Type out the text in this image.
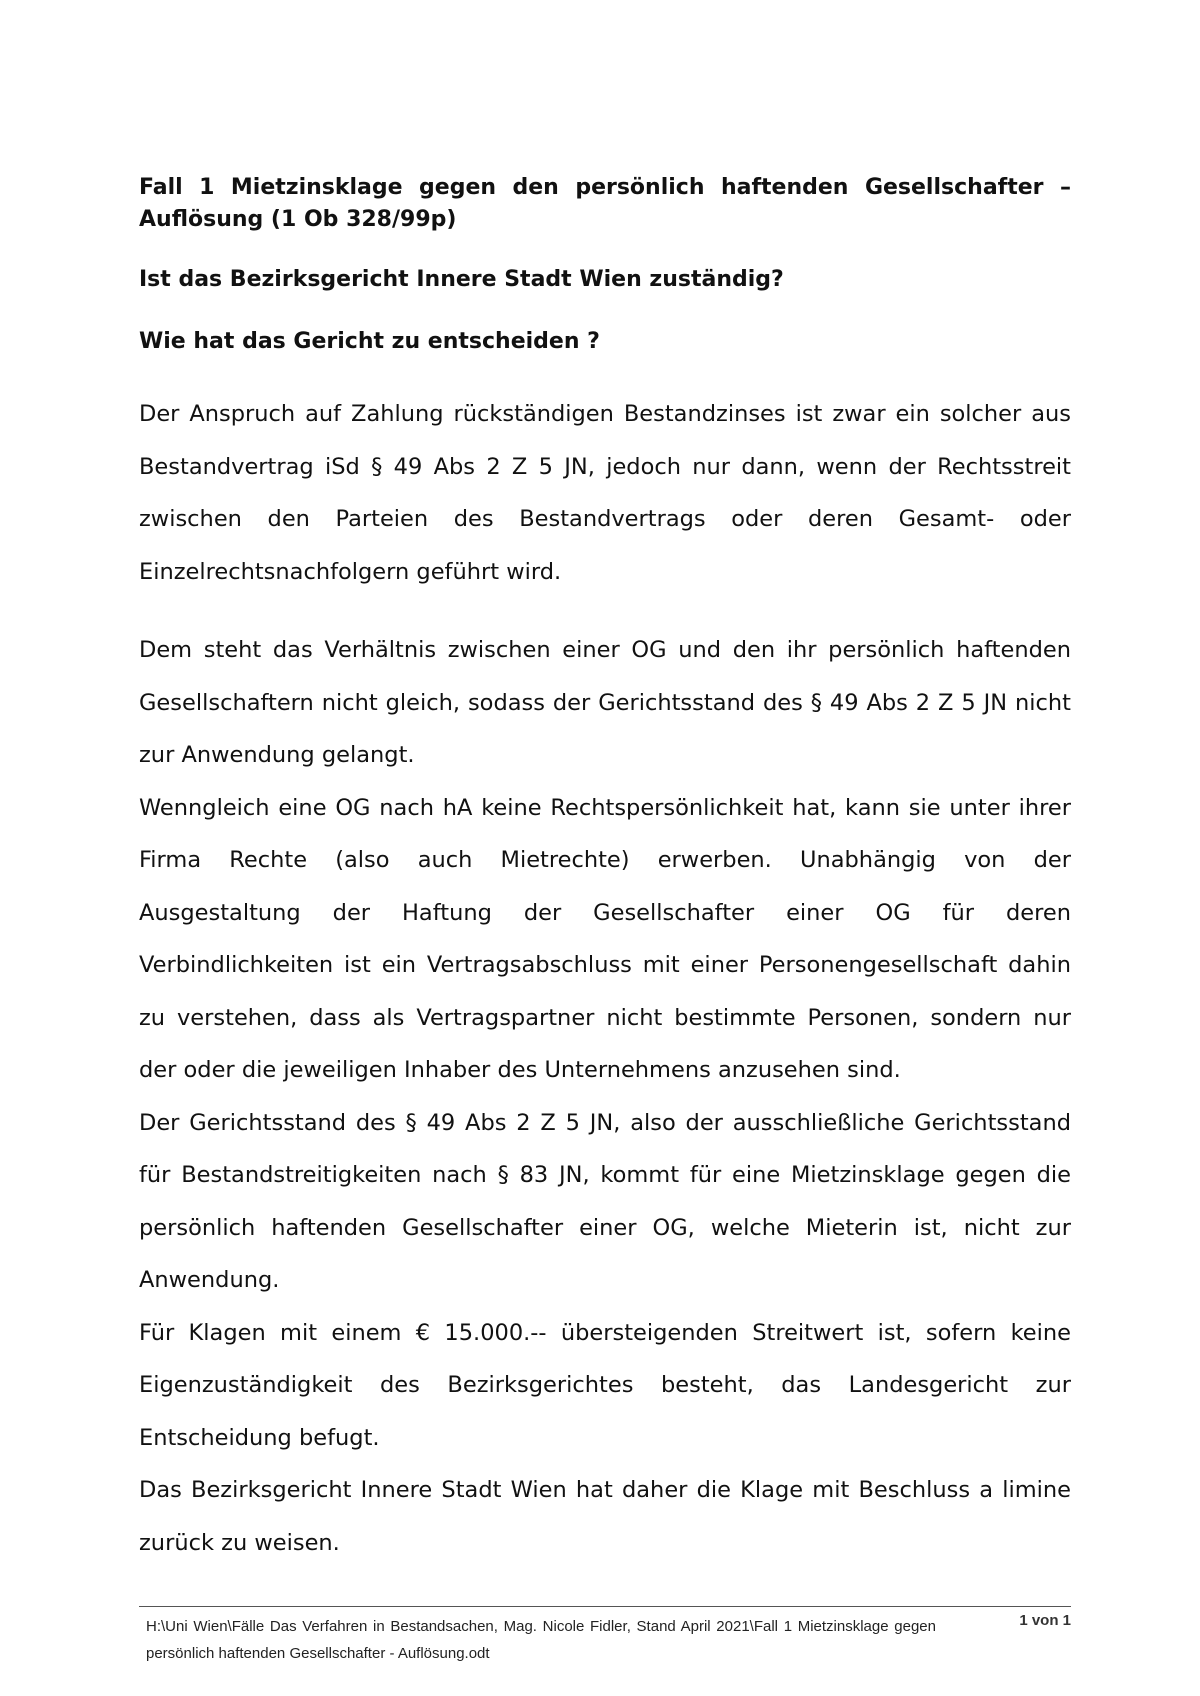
Fall 1 Mietzinsklage gegen den persönlich haftenden Gesellschafter – Auflösung (1 Ob 328/99p)

Ist das Bezirksgericht Innere Stadt Wien zuständig?

Wie hat das Gericht zu entscheiden ?

Der Anspruch auf Zahlung rückständigen Bestandzinses ist zwar ein solcher aus Bestandvertrag iSd § 49 Abs 2 Z 5 JN, jedoch nur dann, wenn der Rechtsstreit zwischen den Parteien des Bestandvertrags oder deren Gesamt- oder Einzelrechtsnachfolgern geführt wird.

Dem steht das Verhältnis zwischen einer OG und den ihr persönlich haftenden Gesellschaftern nicht gleich, sodass der Gerichtsstand des § 49 Abs 2 Z 5 JN nicht zur Anwendung gelangt.

Wenngleich eine OG nach hA keine Rechtspersönlichkeit hat, kann sie unter ihrer Firma Rechte (also auch Mietrechte) erwerben. Unabhängig von der Ausgestaltung der Haftung der Gesellschafter einer OG für deren Verbindlichkeiten ist ein Vertragsabschluss mit einer Personengesellschaft dahin zu verstehen, dass als Vertragspartner nicht bestimmte Personen, sondern nur der oder die jeweiligen Inhaber des Unternehmens anzusehen sind.

Der Gerichtsstand des § 49 Abs 2 Z 5 JN, also der ausschließliche Gerichtsstand für Bestandstreitigkeiten nach § 83 JN, kommt für eine Mietzinsklage gegen die persönlich haftenden Gesellschafter einer OG, welche Mieterin ist, nicht zur Anwendung.

Für Klagen mit einem € 15.000.-- übersteigenden Streitwert ist, sofern keine Eigenzuständigkeit des Bezirksgerichtes besteht, das Landesgericht zur Entscheidung befugt.

Das Bezirksgericht Innere Stadt Wien hat daher die Klage mit Beschluss a limine zurück zu weisen.

H:\Uni Wien\Fälle Das Verfahren in Bestandsachen, Mag. Nicole Fidler, Stand April 2021\Fall 1 Mietzinsklage gegen persönlich haftenden Gesellschafter - Auflösung.odt
1 von 1
